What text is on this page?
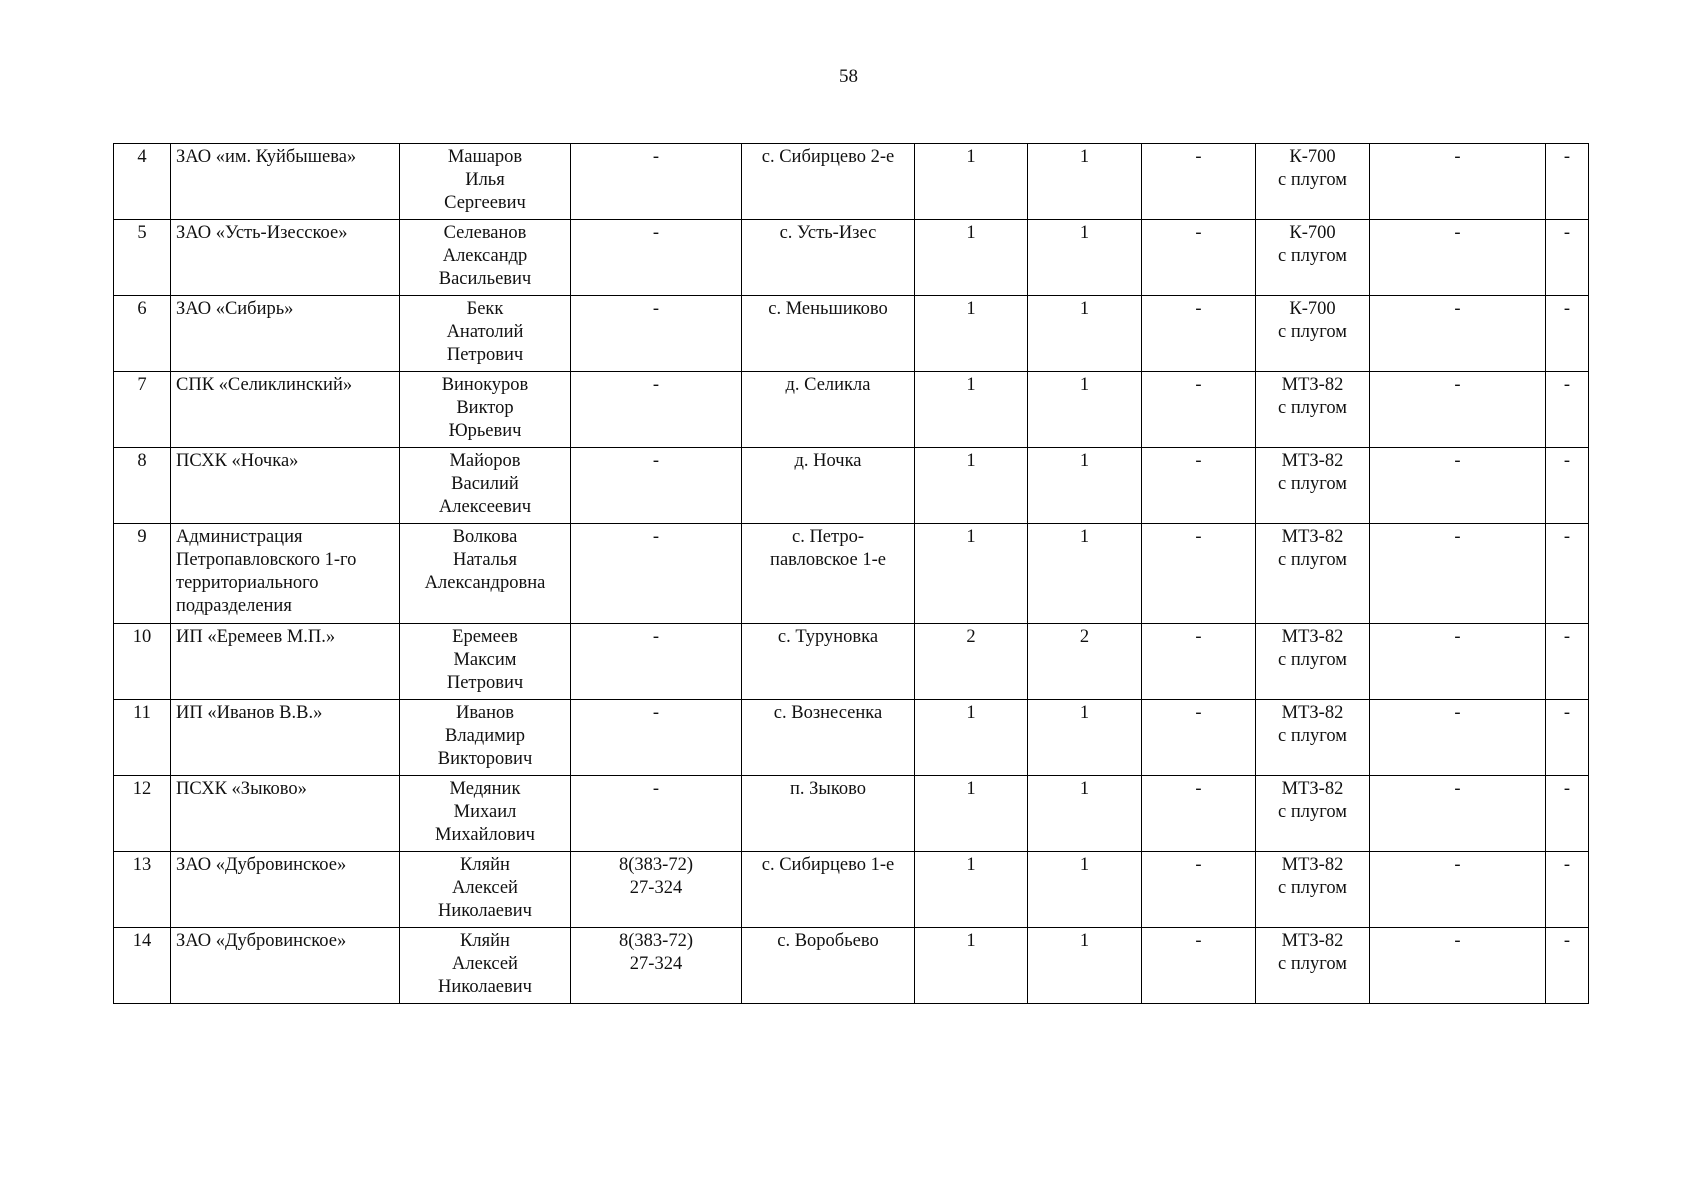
58
4	ЗАО «им. Куйбышева»	Машаров
Илья
Сергеевич	-	с. Сибирцево 2-е	1	1	-	К-700
с плугом	-	-
5	ЗАО «Усть-Изесское»	Селеванов
Александр
Васильевич	-	с. Усть-Изес	1	1	-	К-700
с плугом	-	-
6	ЗАО «Сибирь»	Бекк
Анатолий
Петрович	-	с. Меньшиково	1	1	-	К-700
с плугом	-	-
7	СПК «Селиклинский»	Винокуров
Виктор
Юрьевич	-	д. Селикла	1	1	-	МТЗ-82
с плугом	-	-
8	ПСХК «Ночка»	Майоров
Василий
Алексеевич	-	д. Ночка	1	1	-	МТЗ-82
с плугом	-	-
9	Администрация
Петропавловского 1-го
территориального
подразделения	Волкова
Наталья
Александровна	-	с. Петро-
павловское 1-е	1	1	-	МТЗ-82
с плугом	-	-
10	ИП «Еремеев М.П.»	Еремеев
Максим
Петрович	-	с. Туруновка	2	2	-	МТЗ-82
с плугом	-	-
11	ИП «Иванов В.В.»	Иванов
Владимир
Викторович	-	с. Вознесенка	1	1	-	МТЗ-82
с плугом	-	-
12	ПСХК «Зыково»	Медяник
Михаил
Михайлович	-	п. Зыково	1	1	-	МТЗ-82
с плугом	-	-
13	ЗАО «Дубровинское»	Кляйн
Алексей
Николаевич	8(383-72)
27-324	с. Сибирцево 1-е	1	1	-	МТЗ-82
с плугом	-	-
14	ЗАО «Дубровинское»	Кляйн
Алексей
Николаевич	8(383-72)
27-324	с. Воробьево	1	1	-	МТЗ-82
с плугом	-	-
